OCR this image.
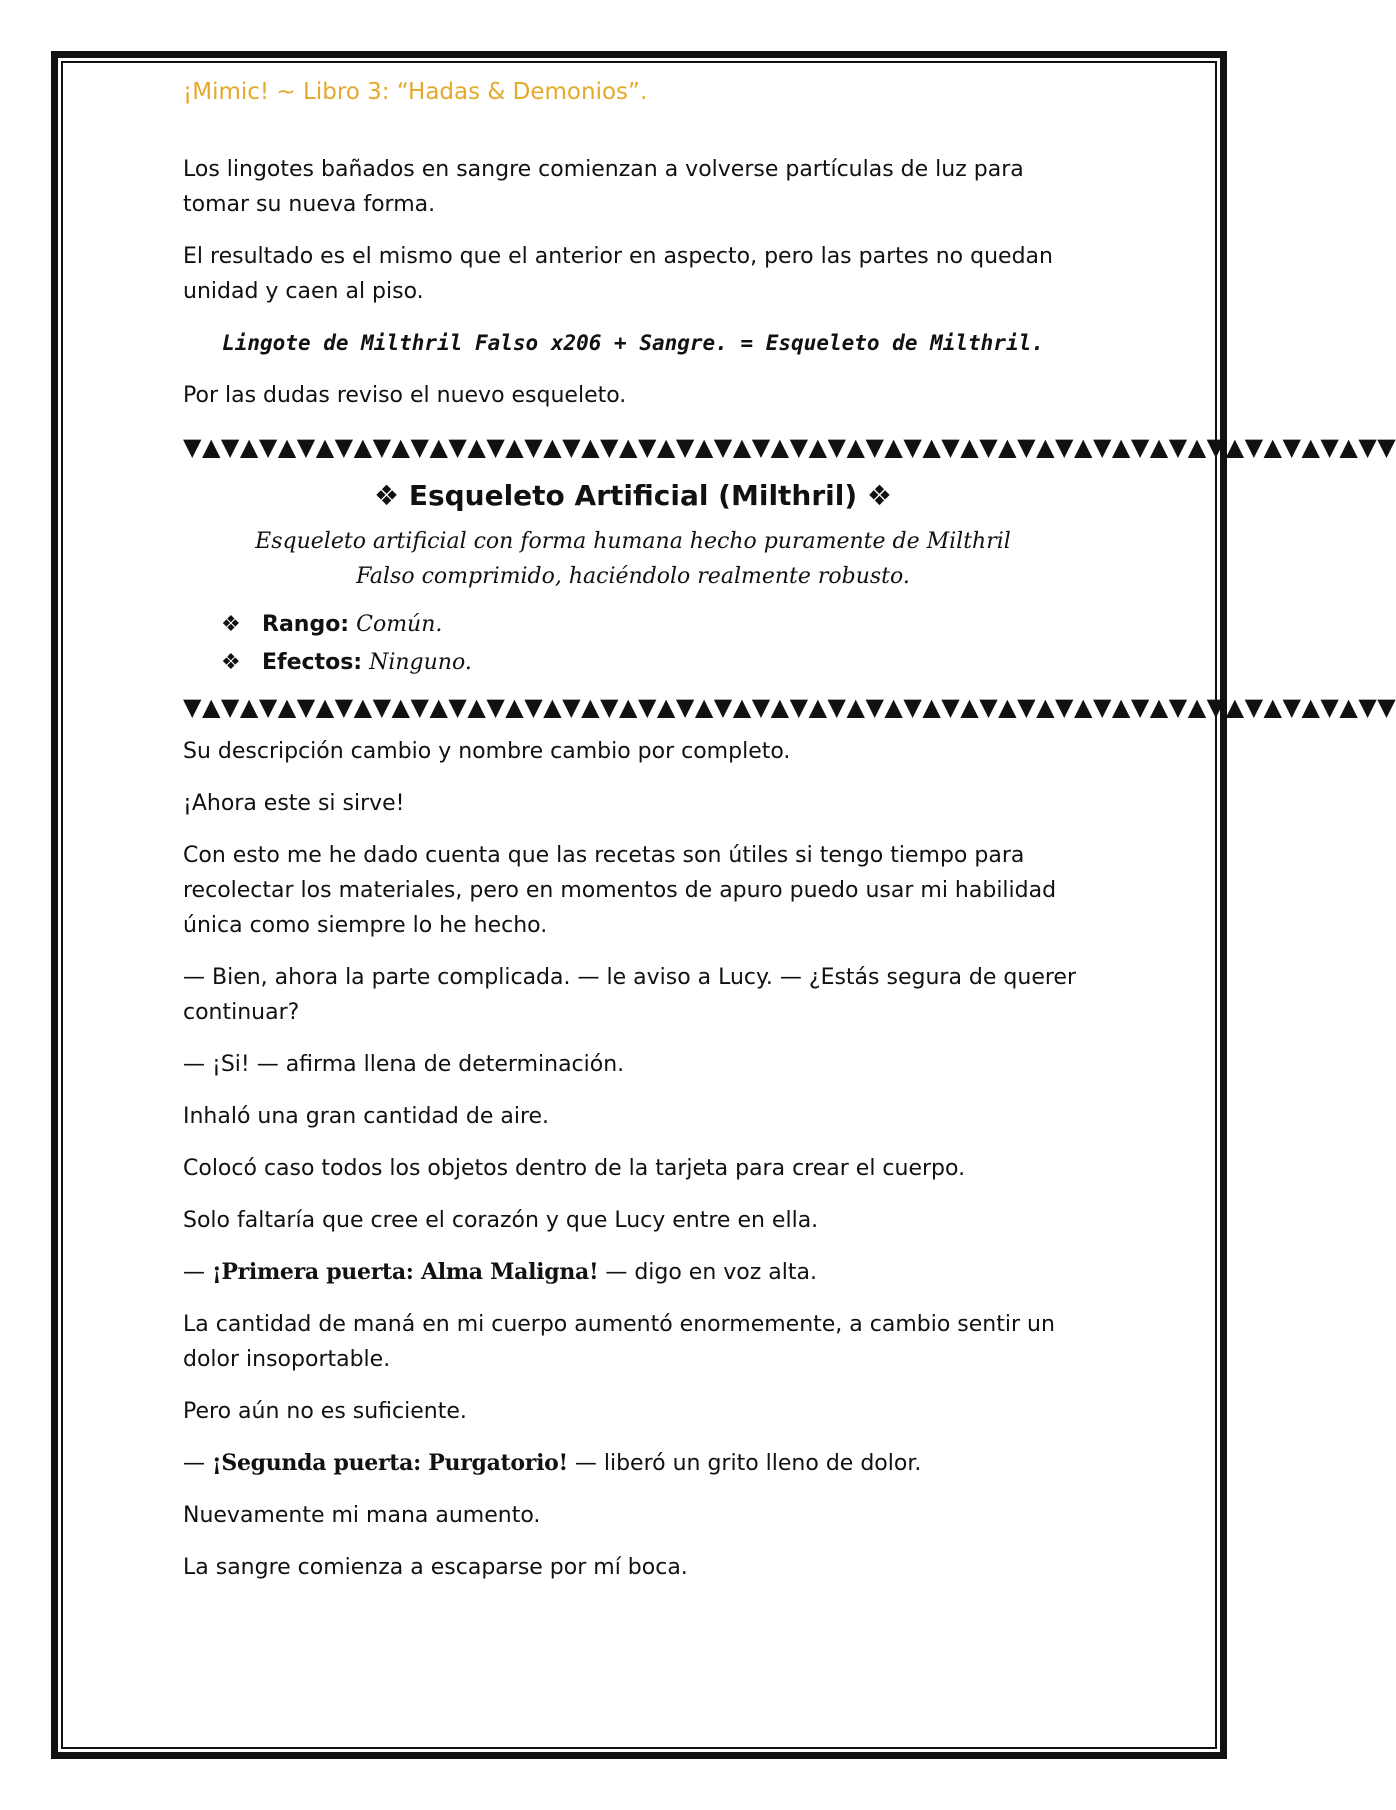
¡Mimic! ~ Libro 3: “Hadas & Demonios”.

Los lingotes bañados en sangre comienzan a volverse partículas de luz para tomar su nueva forma.

El resultado es el mismo que el anterior en aspecto, pero las partes no quedan unidad y caen al piso.

Lingote de Milthril Falso x206 + Sangre. = Esqueleto de Milthril.

Por las dudas reviso el nuevo esqueleto.

▼▲▼▲▼▲▼▲▼▲▼▲▼▲▼▲▼▲▼▲▼▲▼▲▼▲▼▲▼▲▼▲▼▲▼▲▼▲▼▲▼▲▼▲▼▲▼▲▼▲▼▲▼▲▼▲▼▲▼▲▼▲▼▼
❖ Esqueleto Artificial (Milthril) ❖
Esqueleto artificial con forma humana hecho puramente de Milthril Falso comprimido, haciéndolo realmente robusto.
❖ Rango: Común.
❖ Efectos: Ninguno.
▼▲▼▲▼▲▼▲▼▲▼▲▼▲▼▲▼▲▼▲▼▲▼▲▼▲▼▲▼▲▼▲▼▲▼▲▼▲▼▲▼▲▼▲▼▲▼▲▼▲▼▲▼▲▼▲▼▲▼▲▼▲▼▼

Su descripción cambio y nombre cambio por completo.

¡Ahora este si sirve!

Con esto me he dado cuenta que las recetas son útiles si tengo tiempo para recolectar los materiales, pero en momentos de apuro puedo usar mi habilidad única como siempre lo he hecho.

— Bien, ahora la parte complicada. — le aviso a Lucy. — ¿Estás segura de querer continuar?

— ¡Si! — afirma llena de determinación.

Inhaló una gran cantidad de aire.

Colocó caso todos los objetos dentro de la tarjeta para crear el cuerpo.

Solo faltaría que cree el corazón y que Lucy entre en ella.

— ¡Primera puerta: Alma Maligna! — digo en voz alta.

La cantidad de maná en mi cuerpo aumentó enormemente, a cambio sentir un dolor insoportable.

Pero aún no es suficiente.

— ¡Segunda puerta: Purgatorio! — liberó un grito lleno de dolor.

Nuevamente mi mana aumento.

La sangre comienza a escaparse por mí boca.
